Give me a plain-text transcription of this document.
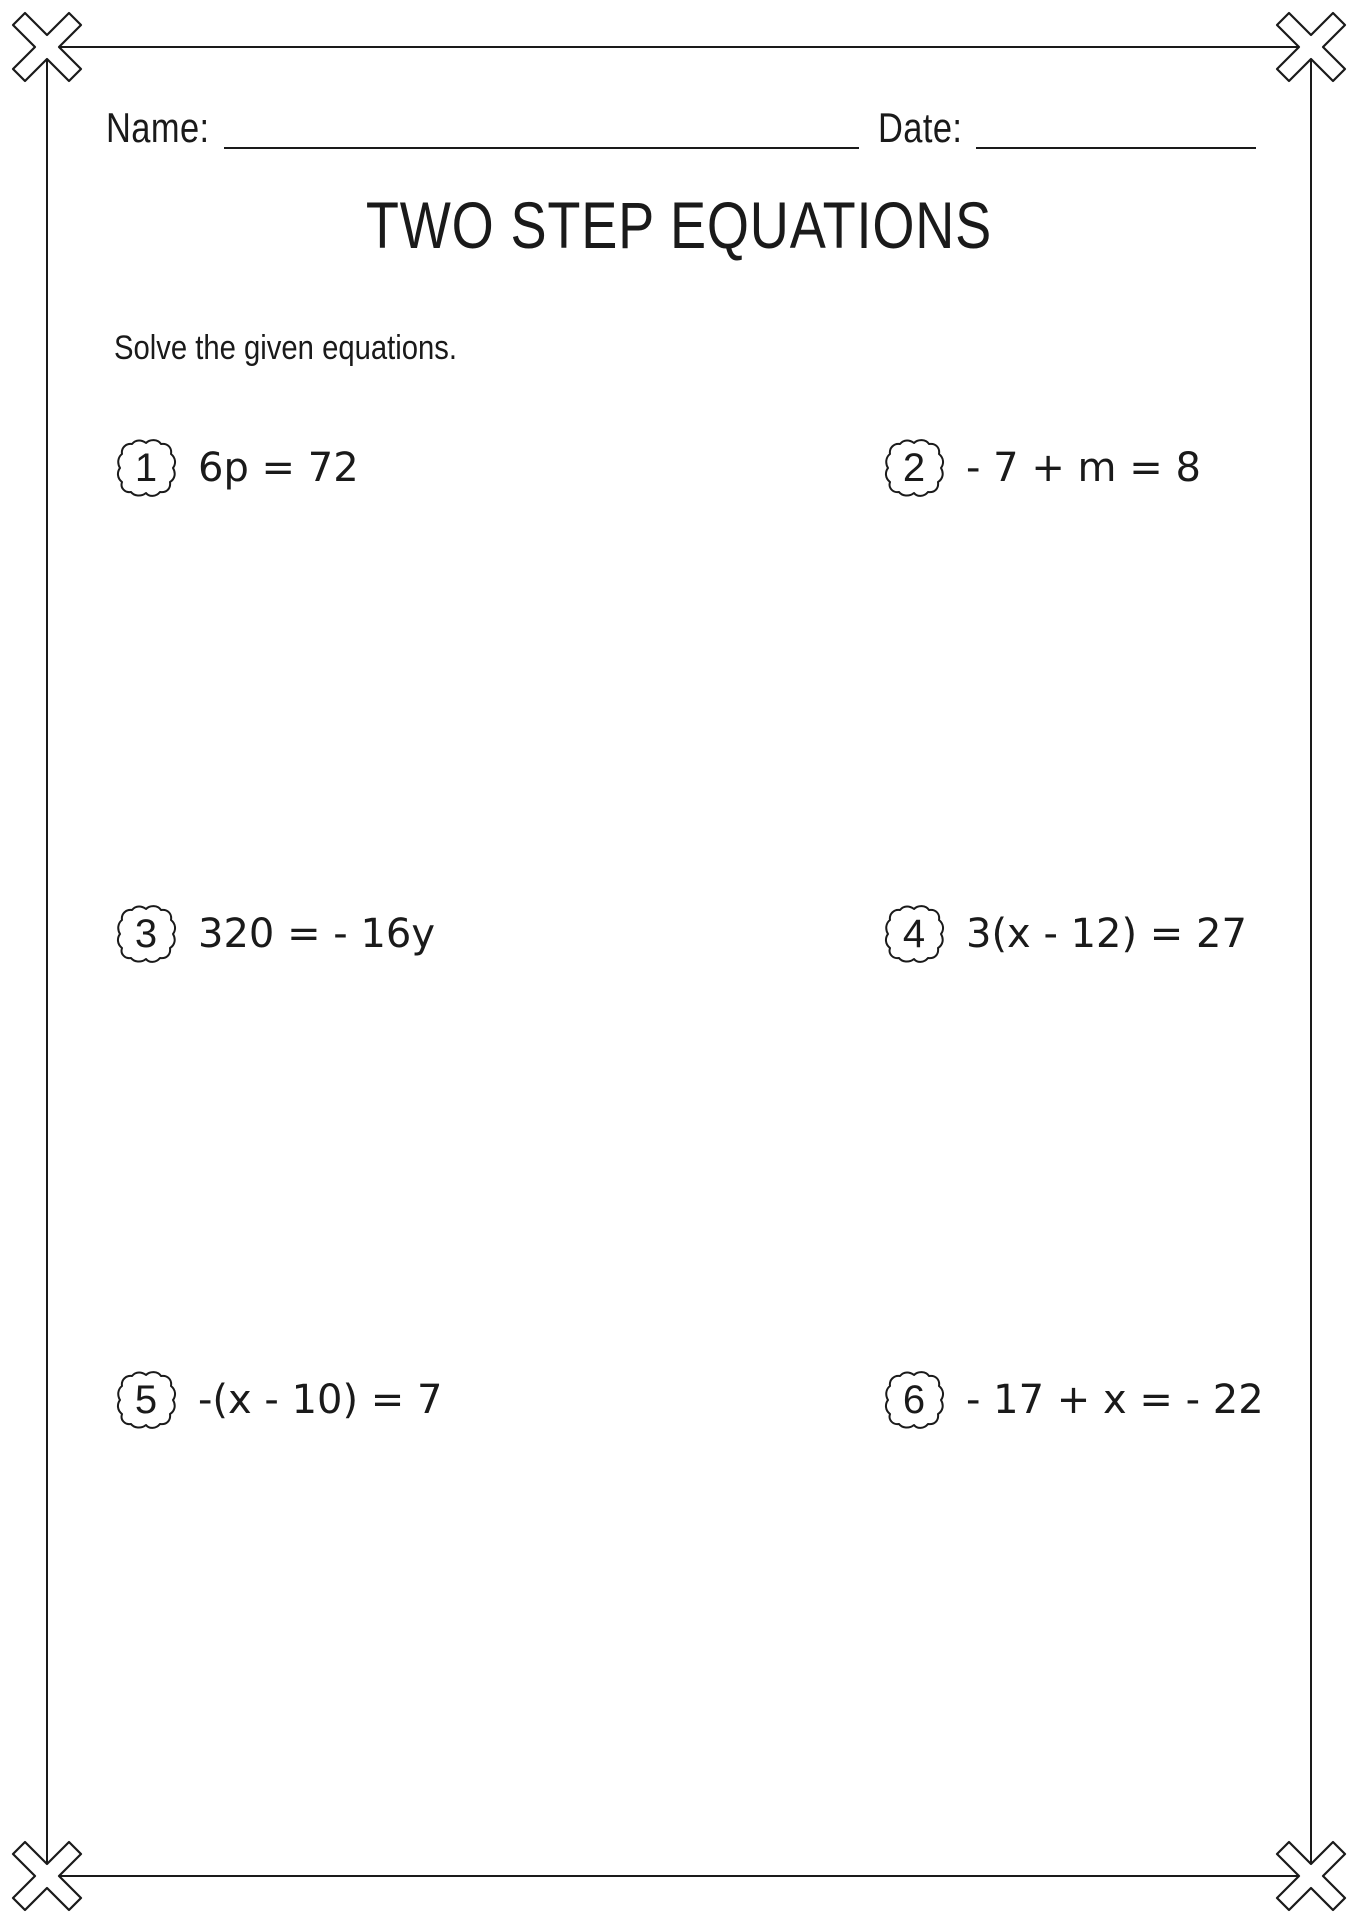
Name:	Date:
TWO STEP EQUATIONS
Solve the given equations.
1	6p = 72	2	- 7 + m = 8
3	320 = - 16y	4	3(x - 12) = 27
5	-(x - 10) = 7	6	- 17 + x = - 22
